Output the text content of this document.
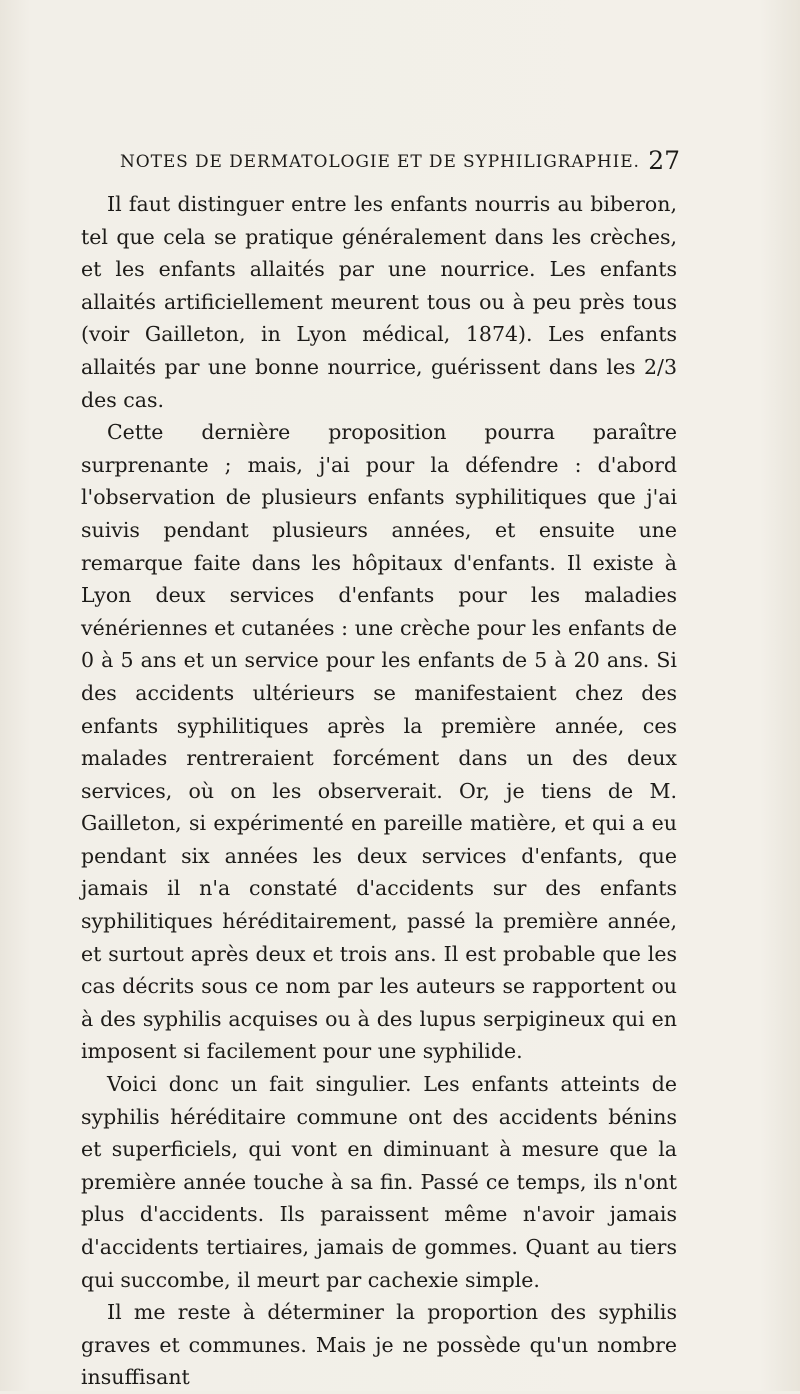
NOTES DE DERMATOLOGIE ET DE SYPHILIGRAPHIE. 27

Il faut distinguer entre les enfants nourris au biberon, tel que cela se pratique généralement dans les crèches, et les enfants allaités par une nourrice. Les enfants allaités artificiellement meurent tous ou à peu près tous (voir Gailleton, in Lyon médical, 1874). Les enfants allaités par une bonne nourrice, guérissent dans les 2/3 des cas.

Cette dernière proposition pourra paraître surprenante ; mais, j'ai pour la défendre : d'abord l'observation de plusieurs enfants syphilitiques que j'ai suivis pendant plusieurs années, et ensuite une remarque faite dans les hôpitaux d'enfants. Il existe à Lyon deux services d'enfants pour les maladies vénériennes et cutanées : une crèche pour les enfants de 0 à 5 ans et un service pour les enfants de 5 à 20 ans. Si des accidents ultérieurs se manifestaient chez des enfants syphilitiques après la première année, ces malades rentreraient forcément dans un des deux services, où on les observerait. Or, je tiens de M. Gailleton, si expérimenté en pareille matière, et qui a eu pendant six années les deux services d'enfants, que jamais il n'a constaté d'accidents sur des enfants syphilitiques héréditairement, passé la première année, et surtout après deux et trois ans. Il est probable que les cas décrits sous ce nom par les auteurs se rapportent ou à des syphilis acquises ou à des lupus serpigineux qui en imposent si facilement pour une syphilide.

Voici donc un fait singulier. Les enfants atteints de syphilis héréditaire commune ont des accidents bénins et superficiels, qui vont en diminuant à mesure que la première année touche à sa fin. Passé ce temps, ils n'ont plus d'accidents. Ils paraissent même n'avoir jamais d'accidents tertiaires, jamais de gommes. Quant au tiers qui succombe, il meurt par cachexie simple.

Il me reste à déterminer la proportion des syphilis graves et communes. Mais je ne possède qu'un nombre insuffisant
